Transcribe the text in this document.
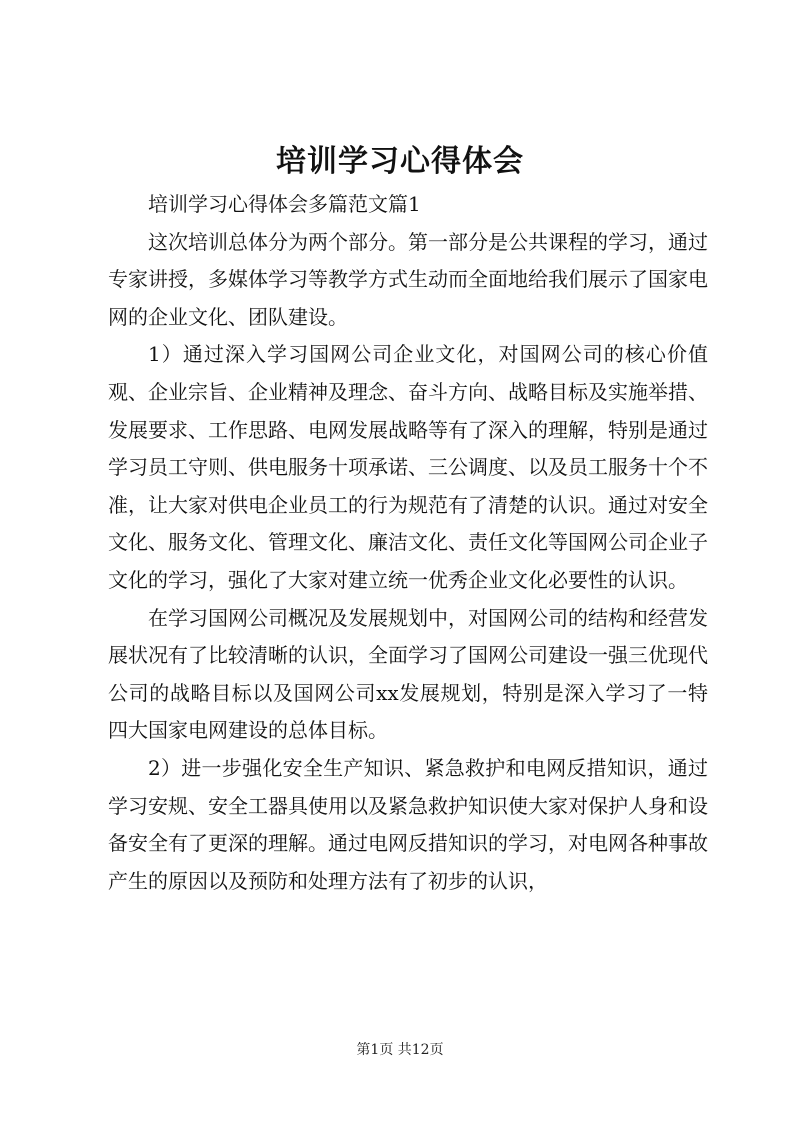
培训学习心得体会

培训学习心得体会多篇范文篇1

这次培训总体分为两个部分。第一部分是公共课程的学习，通过专家讲授，多媒体学习等教学方式生动而全面地给我们展示了国家电网的企业文化、团队建设。

1）通过深入学习国网公司企业文化，对国网公司的核心价值观、企业宗旨、企业精神及理念、奋斗方向、战略目标及实施举措、发展要求、工作思路、电网发展战略等有了深入的理解，特别是通过学习员工守则、供电服务十项承诺、三公调度、以及员工服务十个不准，让大家对供电企业员工的行为规范有了清楚的认识。通过对安全文化、服务文化、管理文化、廉洁文化、责任文化等国网公司企业子文化的学习，强化了大家对建立统一优秀企业文化必要性的认识。

在学习国网公司概况及发展规划中，对国网公司的结构和经营发展状况有了比较清晰的认识，全面学习了国网公司建设一强三优现代公司的战略目标以及国网公司xx发展规划，特别是深入学习了一特四大国家电网建设的总体目标。

2）进一步强化安全生产知识、紧急救护和电网反措知识，通过学习安规、安全工器具使用以及紧急救护知识使大家对保护人身和设备安全有了更深的理解。通过电网反措知识的学习，对电网各种事故产生的原因以及预防和处理方法有了初步的认识，

第1页 共12页
